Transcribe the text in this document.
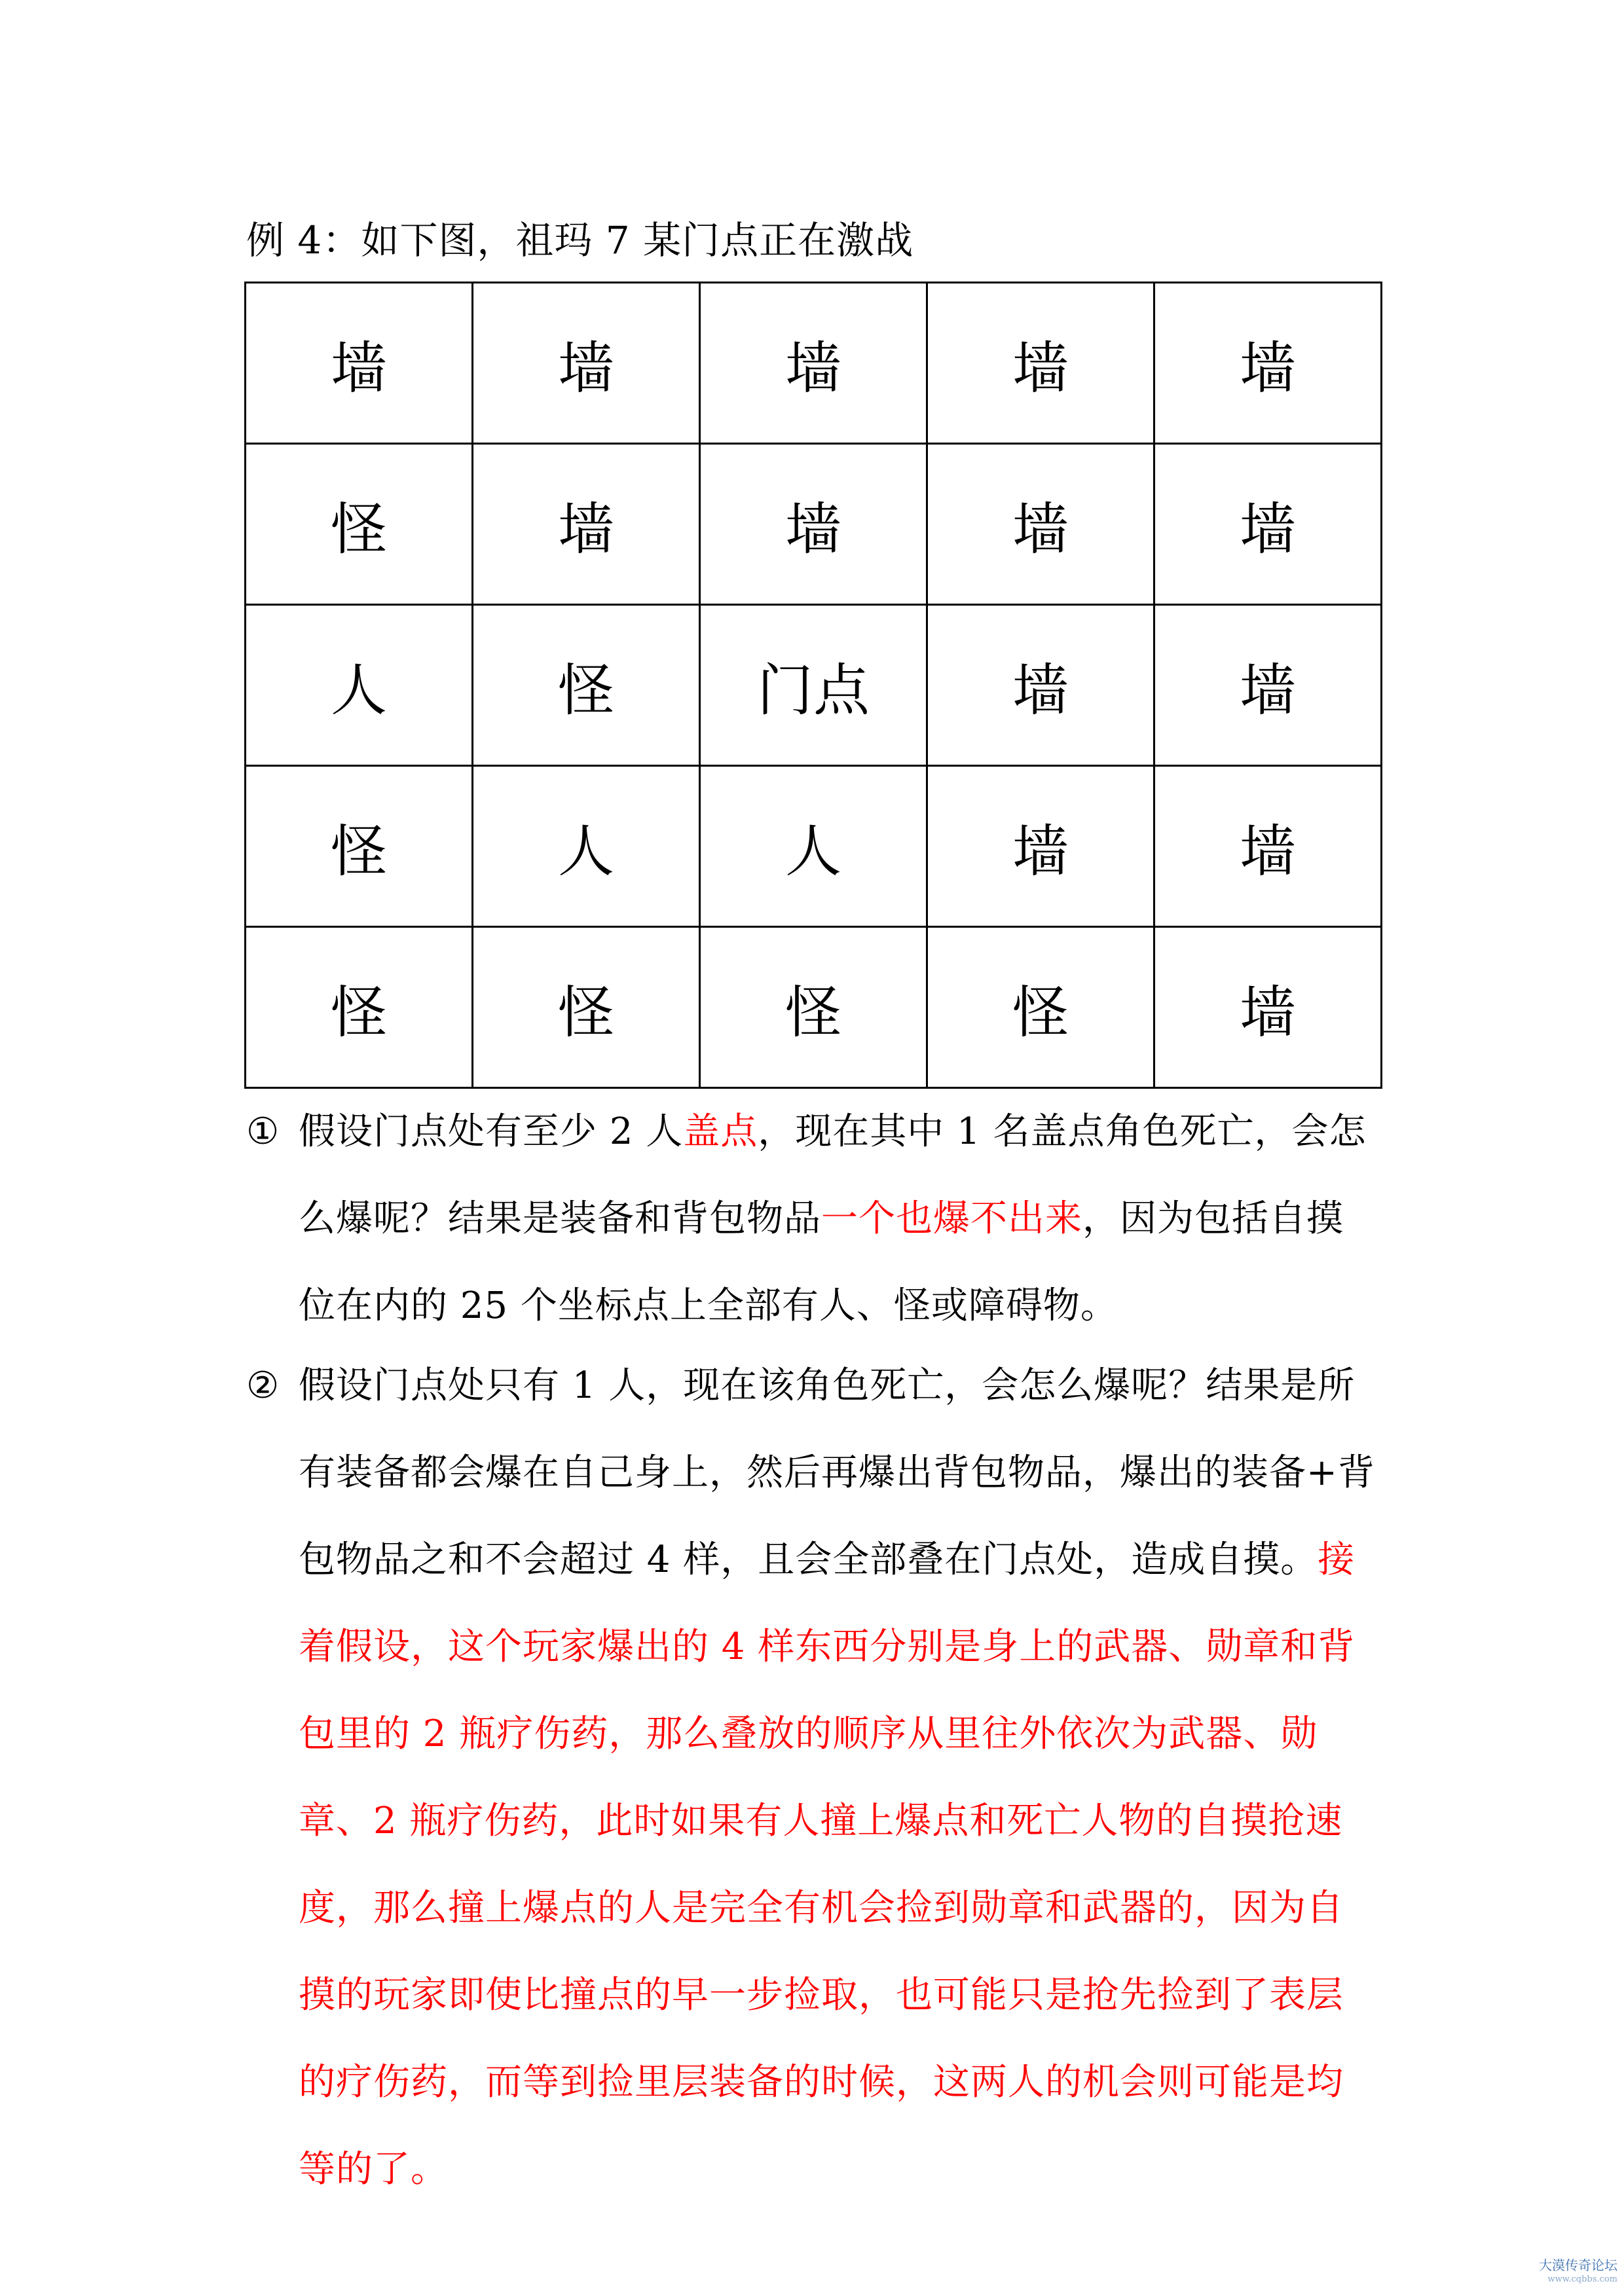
例 4：如下图，祖玛 7 某门点正在激战
墙	墙	墙	墙	墙
怪	墙	墙	墙	墙
人	怪	门点	墙	墙
怪	人	人	墙	墙
怪	怪	怪	怪	墙
① 假设门点处有至少 2 人盖点，现在其中 1 名盖点角色死亡，会怎么爆呢？结果是装备和背包物品一个也爆不出来，因为包括自摸位在内的 25 个坐标点上全部有人、怪或障碍物。
② 假设门点处只有 1 人，现在该角色死亡，会怎么爆呢？结果是所有装备都会爆在自己身上，然后再爆出背包物品，爆出的装备+背包物品之和不会超过 4 样，且会全部叠在门点处，造成自摸。接着假设，这个玩家爆出的 4 样东西分别是身上的武器、勋章和背包里的 2 瓶疗伤药，那么叠放的顺序从里往外依次为武器、勋章、2 瓶疗伤药，此时如果有人撞上爆点和死亡人物的自摸抢速度，那么撞上爆点的人是完全有机会捡到勋章和武器的，因为自摸的玩家即使比撞点的早一步捡取，也可能只是抢先捡到了表层的疗伤药，而等到捡里层装备的时候，这两人的机会则可能是均等的了。
大漠传奇论坛
www.cqbbs.com
